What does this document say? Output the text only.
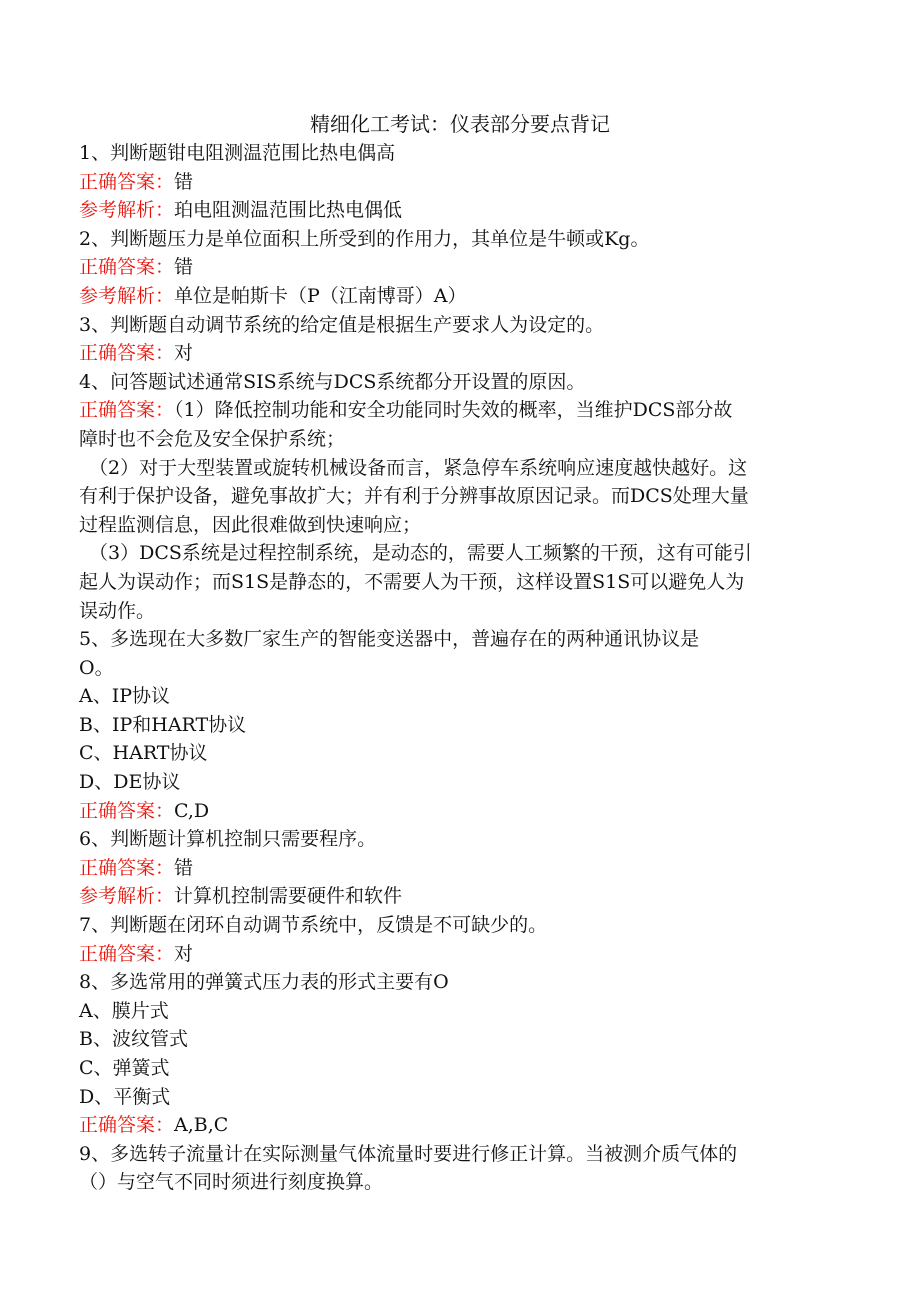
精细化工考试：仪表部分要点背记
1、判断题钳电阻测温范围比热电偶高
正确答案：错
参考解析：珀电阻测温范围比热电偶低
2、判断题压力是单位面积上所受到的作用力，其单位是牛顿或Kg。
正确答案：错
参考解析：单位是帕斯卡（P（江南博哥）A）
3、判断题自动调节系统的给定值是根据生产要求人为设定的。
正确答案：对
4、问答题试述通常SIS系统与DCS系统都分开设置的原因。
正确答案：（1）降低控制功能和安全功能同时失效的概率，当维护DCS部分故
障时也不会危及安全保护系统；
（2）对于大型装置或旋转机械设备而言，紧急停车系统响应速度越快越好。这
有利于保护设备，避免事故扩大；并有利于分辨事故原因记录。而DCS处理大量
过程监测信息，因此很难做到快速响应；
（3）DCS系统是过程控制系统，是动态的，需要人工频繁的干预，这有可能引
起人为误动作；而S1S是静态的，不需要人为干预，这样设置S1S可以避免人为
误动作。
5、多选现在大多数厂家生产的智能变送器中，普遍存在的两种通讯协议是
O。
A、IP协议
B、IP和HART协议
C、HART协议
D、DE协议
正确答案：C,D
6、判断题计算机控制只需要程序。
正确答案：错
参考解析：计算机控制需要硬件和软件
7、判断题在闭环自动调节系统中，反馈是不可缺少的。
正确答案：对
8、多选常用的弹簧式压力表的形式主要有O
A、膜片式
B、波纹管式
C、弹簧式
D、平衡式
正确答案：A,B,C
9、多选转子流量计在实际测量气体流量时要进行修正计算。当被测介质气体的
（）与空气不同时须进行刻度换算。
